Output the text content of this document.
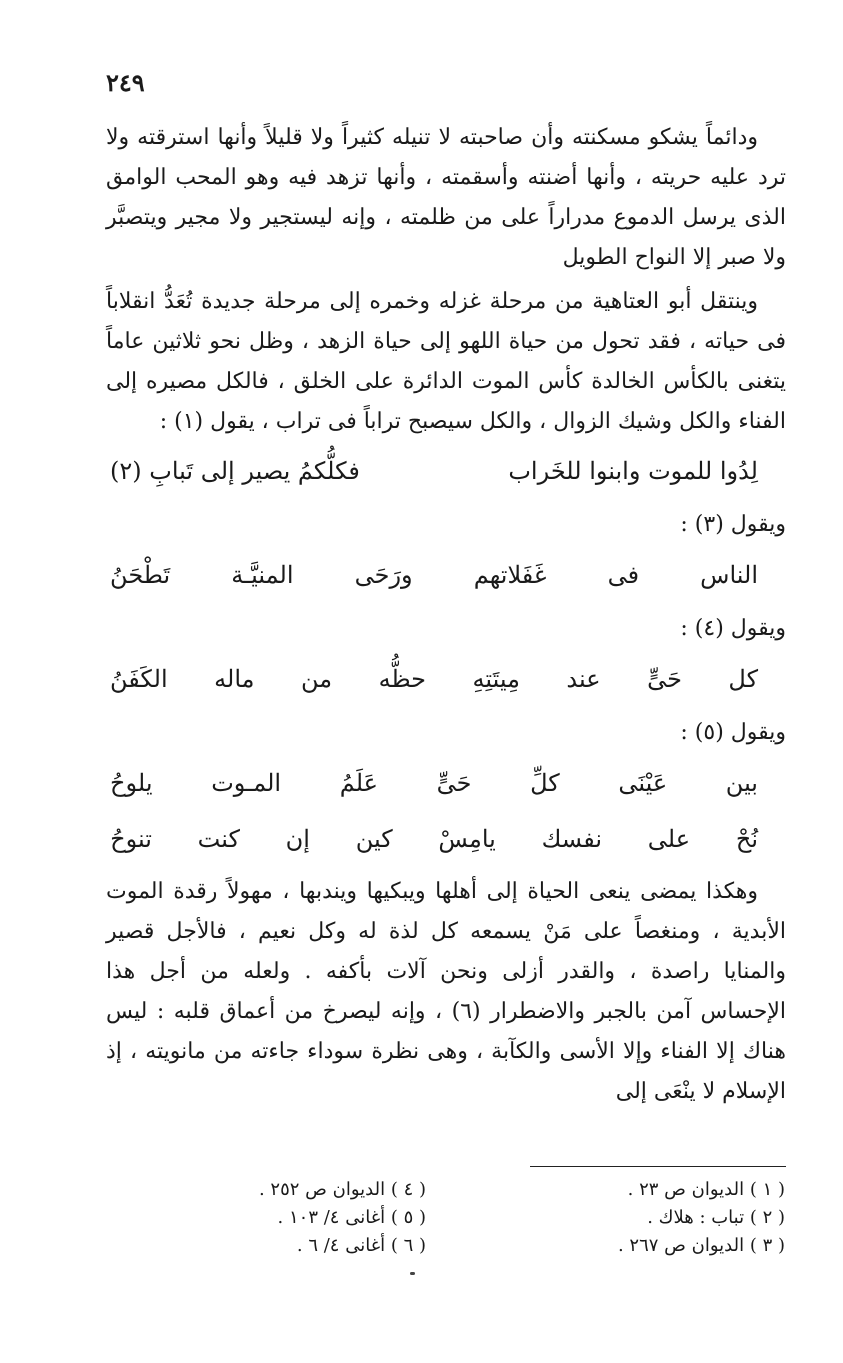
٢٤٩

ودائماً يشكو مسكنته وأن صاحبته لا تنيله كثيراً ولا قليلاً وأنها استرقته ولا ترد عليه حريته ، وأنها أضنته وأسقمته ، وأنها تزهد فيه وهو المحب الوامق الذى يرسل الدموع مدراراً على من ظلمته ، وإنه ليستجير ولا مجير ويتصبَّر ولا صبر إلا النواح الطويل

وينتقل أبو العتاهية من مرحلة غزله وخمره إلى مرحلة جديدة تُعَدُّ انقلاباً فى حياته ، فقد تحول من حياة اللهو إلى حياة الزهد ، وظل نحو ثلاثين عاماً يتغنى بالكأس الخالدة كأس الموت الدائرة على الخلق ، فالكل مصيره إلى الفناء والكل وشيك الزوال ، والكل سيصبح تراباً فى تراب ، يقول (١) :

لِدُوا للموت وابنوا للخَراب
فكلُّكمُ يصير إلى تَبابِ (٢)

ويقول (٣) :

الناس
فى
غَفَلاتهم
ورَحَى
المنيَّـة
تَطْحَنُ

ويقول (٤) :

كل
حَىٍّ
عند
مِيتَتِهِ
حظُّه
من
ماله
الكَفَنُ

ويقول (٥) :

بين
عَيْنَى
كلِّ
حَىٍّ
عَلَمُ
المـوت
يلوحُ
نُحْ
على
نفسك
يامِسْ
كين
إن
كنت
تنوحُ

وهكذا يمضى ينعى الحياة إلى أهلها ويبكيها ويندبها ، مهولاً رقدة الموت الأبدية ، ومنغصاً على مَنْ يسمعه كل لذة له وكل نعيم ، فالأجل قصير والمنايا راصدة ، والقدر أزلى ونحن آلات بأكفه . ولعله من أجل هذا الإحساس آمن بالجبر والاضطرار (٦) ، وإنه ليصرخ من أعماق قلبه : ليس هناك إلا الفناء وإلا الأسى والكآبة ، وهى نظرة سوداء جاءته من مانويته ، إذ الإسلام لا ينْعَى إلى

( ١ ) الديوان ص ٢٣ .
( ٢ ) تباب : هلاك .
( ٣ ) الديوان ص ٢٦٧ .
( ٤ ) الديوان ص ٢٥٢ .
( ٥ ) أغانى ٤/ ١٠٣ .
( ٦ ) أغانى ٤/ ٦ .
